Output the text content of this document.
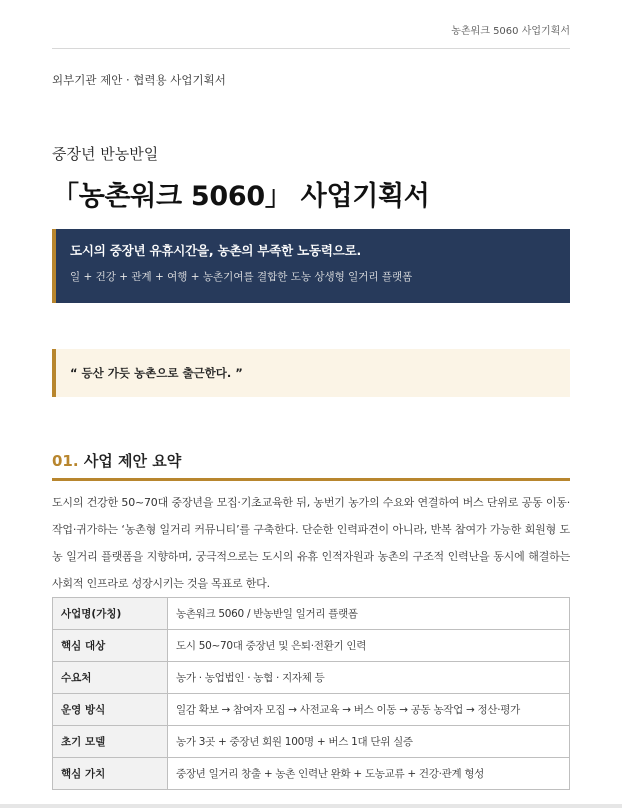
농촌워크 5060 사업기획서
외부기관 제안 · 협력용 사업기획서
중장년 반농반일
「농촌워크 5060」 사업기획서
도시의 중장년 유휴시간을, 농촌의 부족한 노동력으로.
일 + 건강 + 관계 + 여행 + 농촌기여를 결합한 도농 상생형 일거리 플랫폼
“ 등산 가듯 농촌으로 출근한다. ”
01. 사업 제안 요약
도시의 건강한 50~70대 중장년을 모집·기초교육한 뒤, 농번기 농가의 수요와 연결하여 버스 단위로 공동 이동·작업·귀가하는 ‘농촌형 일거리 커뮤니티’를 구축한다. 단순한 인력파견이 아니라, 반복 참여가 가능한 회원형 도농 일거리 플랫폼을 지향하며, 궁극적으로는 도시의 유휴 인적자원과 농촌의 구조적 인력난을 동시에 해결하는 사회적 인프라로 성장시키는 것을 목표로 한다.
사업명(가칭)	농촌워크 5060 / 반농반일 일거리 플랫폼
핵심 대상	도시 50~70대 중장년 및 은퇴·전환기 인력
수요처	농가 · 농업법인 · 농협 · 지자체 등
운영 방식	일감 확보 → 참여자 모집 → 사전교육 → 버스 이동 → 공동 농작업 → 정산·평가
초기 모델	농가 3곳 + 중장년 회원 100명 + 버스 1대 단위 실증
핵심 가치	중장년 일거리 창출 + 농촌 인력난 완화 + 도농교류 + 건강·관계 형성
